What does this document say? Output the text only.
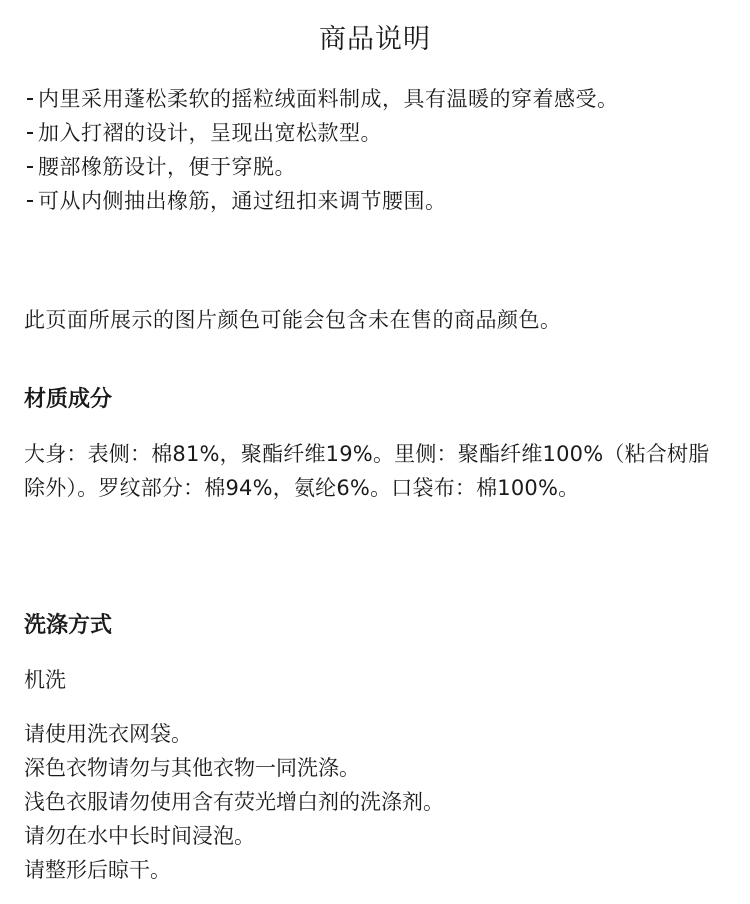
商品说明
内里采用蓬松柔软的摇粒绒面料制成，具有温暖的穿着感受。
加入打褶的设计，呈现出宽松款型。
腰部橡筋设计，便于穿脱。
可从内侧抽出橡筋，通过纽扣来调节腰围。

此页面所展示的图片颜色可能会包含未在售的商品颜色。

材质成分

大身：表侧：棉81%，聚酯纤维19%。里侧：聚酯纤维100%（粘合树脂除外）。罗纹部分：棉94%，氨纶6%。口袋布：棉100%。

洗涤方式

机洗

请使用洗衣网袋。
深色衣物请勿与其他衣物一同洗涤。
浅色衣服请勿使用含有荧光增白剂的洗涤剂。
请勿在水中长时间浸泡。
请整形后晾干。
